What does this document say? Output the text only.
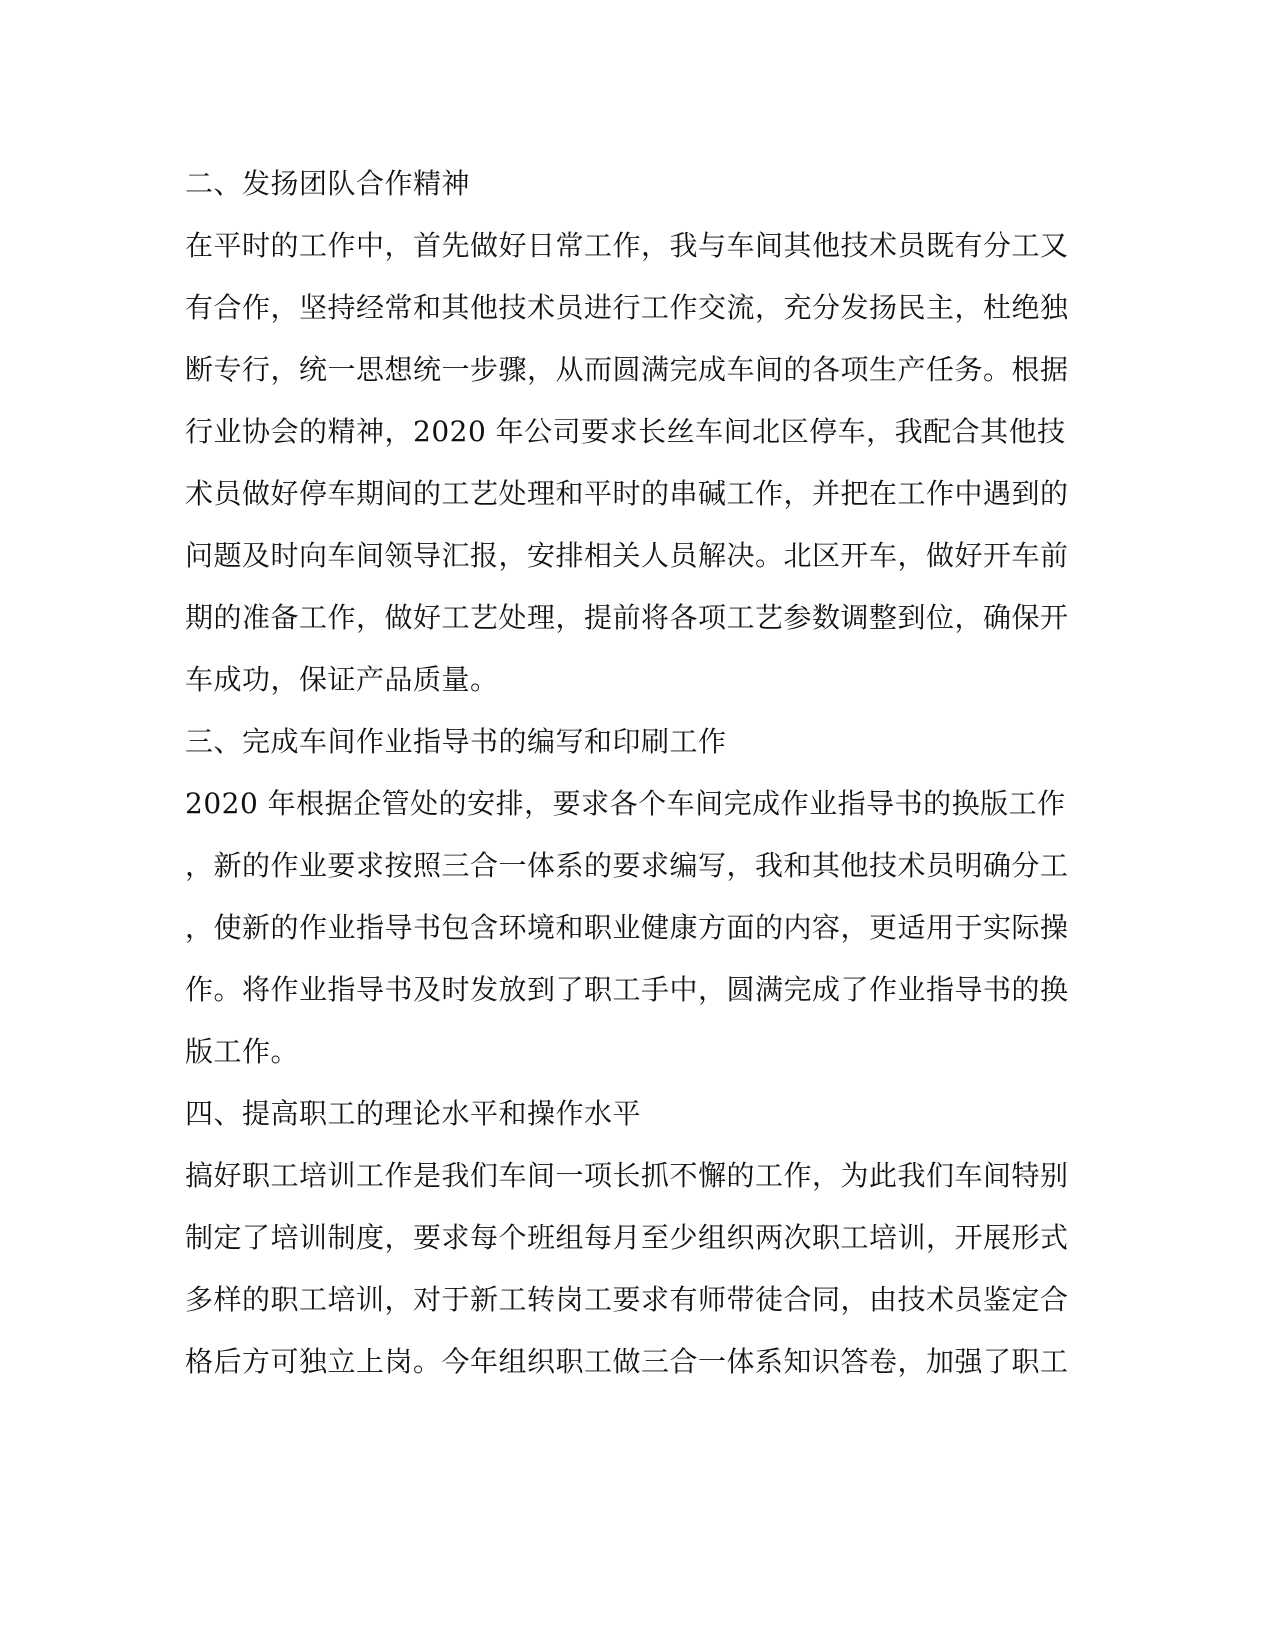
二、发扬团队合作精神
在平时的工作中，首先做好日常工作，我与车间其他技术员既有分工又
有合作，坚持经常和其他技术员进行工作交流，充分发扬民主，杜绝独
断专行，统一思想统一步骤，从而圆满完成车间的各项生产任务。根据
行业协会的精神，2020 年公司要求长丝车间北区停车，我配合其他技
术员做好停车期间的工艺处理和平时的串碱工作，并把在工作中遇到的
问题及时向车间领导汇报，安排相关人员解决。北区开车，做好开车前
期的准备工作，做好工艺处理，提前将各项工艺参数调整到位，确保开
车成功，保证产品质量。
三、完成车间作业指导书的编写和印刷工作
2020 年根据企管处的安排，要求各个车间完成作业指导书的换版工作
，新的作业要求按照三合一体系的要求编写，我和其他技术员明确分工
，使新的作业指导书包含环境和职业健康方面的内容，更适用于实际操
作。将作业指导书及时发放到了职工手中，圆满完成了作业指导书的换
版工作。
四、提高职工的理论水平和操作水平
搞好职工培训工作是我们车间一项长抓不懈的工作，为此我们车间特别
制定了培训制度，要求每个班组每月至少组织两次职工培训，开展形式
多样的职工培训，对于新工转岗工要求有师带徒合同，由技术员鉴定合
格后方可独立上岗。今年组织职工做三合一体系知识答卷，加强了职工
